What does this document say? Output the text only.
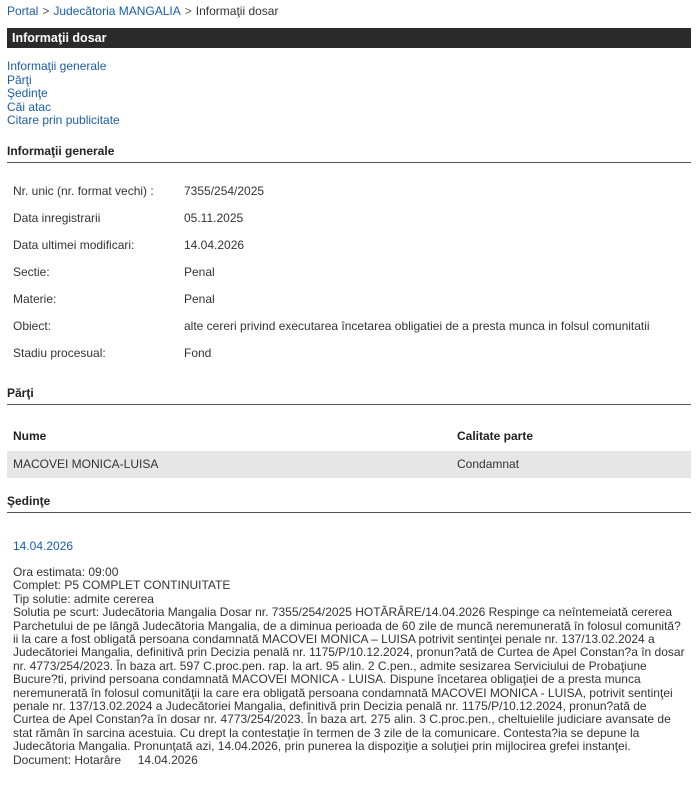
Portal > Judecătoria MANGALIA > Informaţii dosar
Informaţii dosar
Informaţii generale
Părţi
Şedinţe
Căi atac
Citare prin publicitate
Informaţii generale
Nr. unic (nr. format vechi) :	7355/254/2025
Data inregistrarii	05.11.2025
Data ultimei modificari:	14.04.2026
Sectie:	Penal
Materie:	Penal
Obiect:	alte cereri privind executarea încetarea obligatiei de a presta munca in folsul comunitatii
Stadiu procesual:	Fond
Părţi
Nume	Calitate parte
MACOVEI MONICA-LUISA	Condamnat
Şedinţe
14.04.2026
Ora estimata: 09:00
Complet: P5 COMPLET CONTINUITATE
Tip solutie: admite cererea
Solutia pe scurt: Judecătoria Mangalia Dosar nr. 7355/254/2025 HOTĂRÂRE/14.04.2026 Respinge ca neîntemeiată cererea Parchetului de pe lângă Judecătoria Mangalia, de a diminua perioada de 60 zile de muncă neremunerată în folosul comunită?ii la care a fost obligată persoana condamnată MACOVEI MONICA – LUISA potrivit sentinţei penale nr. 137/13.02.2024 a Judecătoriei Mangalia, definitivă prin Decizia penală nr. 1175/P/10.12.2024, pronun?ată de Curtea de Apel Constan?a în dosar nr. 4773/254/2023. În baza art. 597 C.proc.pen. rap. la art. 95 alin. 2 C.pen., admite sesizarea Serviciului de Probaţiune Bucure?ti, privind persoana condamnată MACOVEI MONICA - LUISA. Dispune încetarea obligaţiei de a presta munca neremunerată în folosul comunităţii la care era obligată persoana condamnată MACOVEI MONICA - LUISA, potrivit sentinţei penale nr. 137/13.02.2024 a Judecătoriei Mangalia, definitivă prin Decizia penală nr. 1175/P/10.12.2024, pronun?ată de Curtea de Apel Constan?a în dosar nr. 4773/254/2023. În baza art. 275 alin. 3 C.proc.pen., cheltuielile judiciare avansate de stat rămân în sarcina acestuia. Cu drept la contestaţie în termen de 3 zile de la comunicare. Contesta?ia se depune la Judecătoria Mangalia. Pronunţată azi, 14.04.2026, prin punerea la dispoziţie a soluţiei prin mijlocirea grefei instanţei.
Document: Hotarâre     14.04.2026
